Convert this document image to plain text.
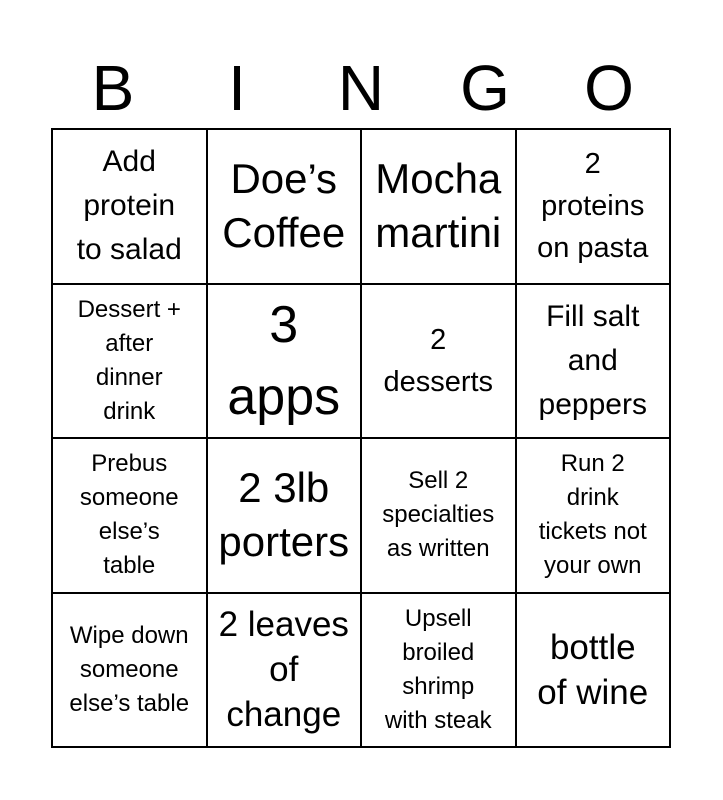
B	I	N	G	O
Add
protein
to salad
Doe’s
Coffee
Mocha
martini
2
proteins
on pasta
Dessert +
after
dinner
drink
3
apps
2
desserts
Fill salt
and
peppers
Prebus
someone
else’s
table
2 3lb
porters
Sell 2
specialties
as written
Run 2
drink
tickets not
your own
Wipe down
someone
else’s table
2 leaves
of
change
Upsell
broiled
shrimp
with steak
bottle
of wine
